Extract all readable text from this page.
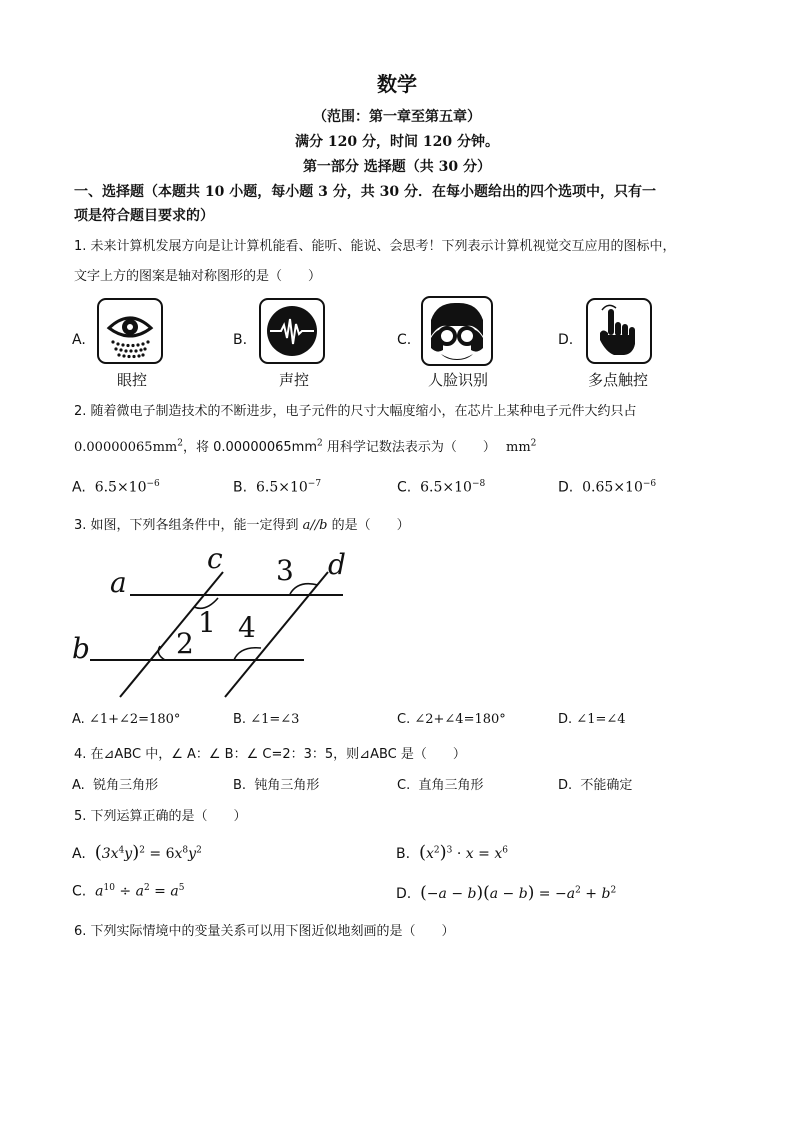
数学
（范围：第一章至第五章）
满分 120 分，时间 120 分钟。
第一部分 选择题（共 30 分）
一、选择题（本题共 10 小题，每小题 3 分，共 30 分．在每小题给出的四个选项中，只有一
项是符合题目要求的）
1. 未来计算机发展方向是让计算机能看、能听、能说、会思考！下列表示计算机视觉交互应用的图标中，
文字上方的图案是轴对称图形的是（　　）
A.
眼控
B.
声控
C.
人脸识别
D.
多点触控
2. 随着微电子制造技术的不断进步，电子元件的尺寸大幅度缩小，在芯片上某种电子元件大约只占
$0.00000065mm^2$，将 $0.00000065mm^2$ 用科学记数法表示为（　　） $mm^2$
A. $6.5\times 10^{-6}$	B. $6.5\times 10^{-7}$	C. $6.5\times 10^{-8}$	D. $0.65\times 10^{-6}$
3. 如图，下列各组条件中，能一定得到 a//b 的是（　　）
a
b
c	d
1
2
3
4
A. ∠1+∠2=180°	B. ∠1=∠3	C. ∠2+∠4=180°	D. ∠1=∠4
4. 在⊿ABC 中，∠ A：∠ B：∠ C=2：3：5，则⊿ABC 是（　　）
A. 锐角三角形	B. 钝角三角形	C. 直角三角形	D. 不能确定
5. 下列运算正确的是（　　）
A. $(3x^4y)^2 = 6x^8y^2$	B. $(x^2)^3 \cdot x = x^6$
C. $a^{10} \div a^2 = a^5$	D. $(-a - b)(a - b) = -a^2 + b^2$
6. 下列实际情境中的变量关系可以用下图近似地刻画的是（　　）
